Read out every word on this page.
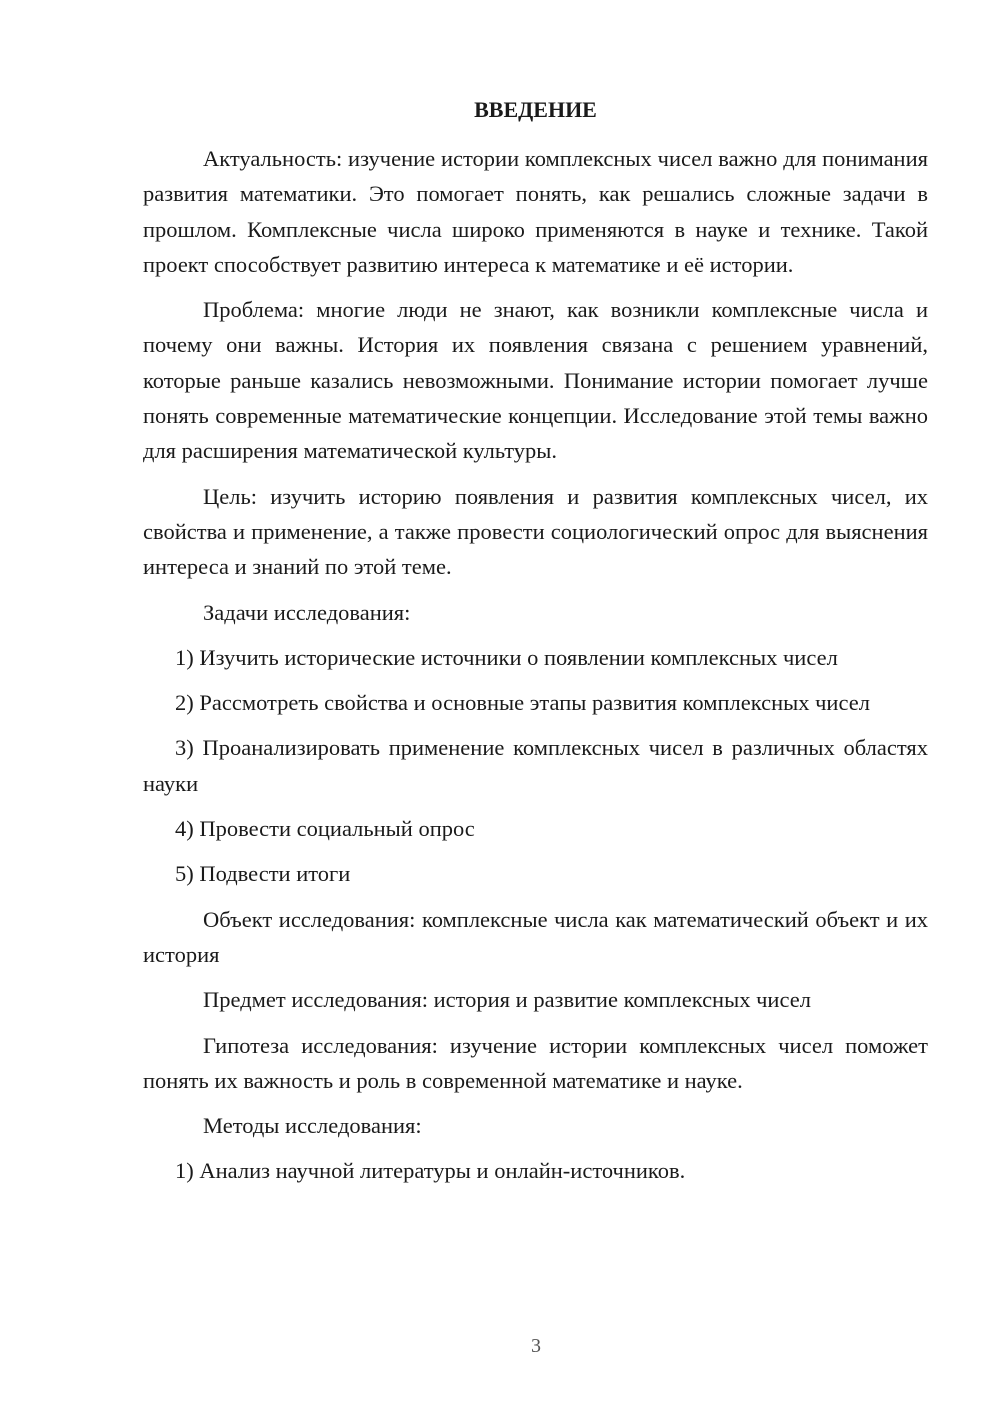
ВВЕДЕНИЕ

Актуальность: изучение истории комплексных чисел важно для понимания развития математики. Это помогает понять, как решались сложные задачи в прошлом. Комплексные числа широко применяются в науке и технике. Такой проект способствует развитию интереса к математике и её истории.

Проблема: многие люди не знают, как возникли комплексные числа и почему они важны. История их появления связана с решением уравнений, которые раньше казались невозможными. Понимание истории помогает лучше понять современные математические концепции. Исследование этой темы важно для расширения математической культуры.

Цель: изучить историю появления и развития комплексных чисел, их свойства и применение, а также провести социологический опрос для выяснения интереса и знаний по этой теме.

Задачи исследования:

1) Изучить исторические источники о появлении комплексных чисел

2) Рассмотреть свойства и основные этапы развития комплексных чисел

3) Проанализировать применение комплексных чисел в различных областях науки

4) Провести социальный опрос

5) Подвести итоги

Объект исследования: комплексные числа как математический объект и их история

Предмет исследования: история и развитие комплексных чисел

Гипотеза исследования: изучение истории комплексных чисел поможет понять их важность и роль в современной математике и науке.

Методы исследования:

1) Анализ научной литературы и онлайн-источников.

3
